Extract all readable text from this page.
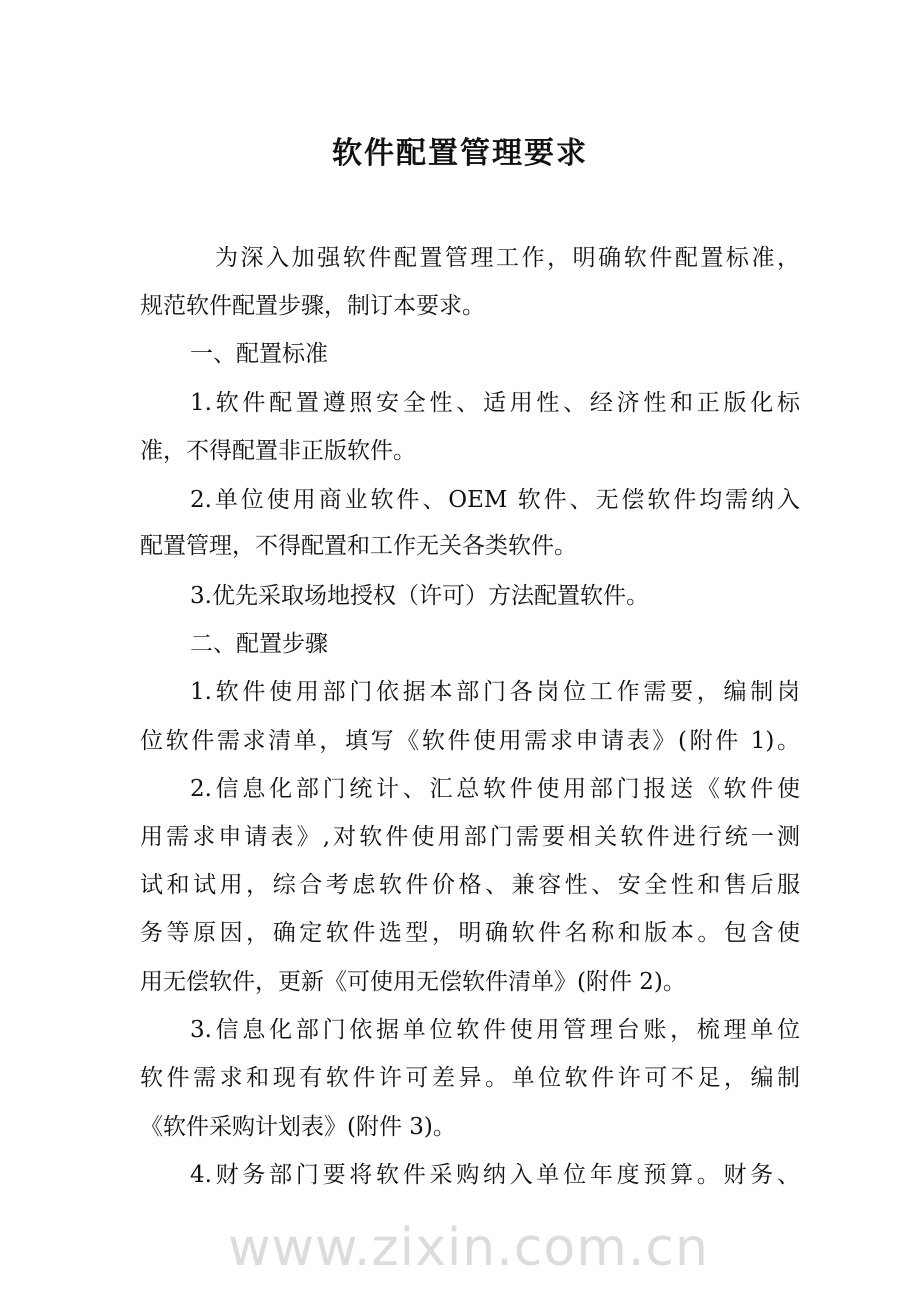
软件配置管理要求
www.zixin.com.cn
为深入加强软件配置管理工作，明确软件配置标准，
规范软件配置步骤，制订本要求。
一、配置标准
1.软件配置遵照安全性、适用性、经济性和正版化标
准，不得配置非正版软件。
2.单位使用商业软件、OEM 软件、无偿软件均需纳入
配置管理，不得配置和工作无关各类软件。
3.优先采取场地授权（许可）方法配置软件。
二、配置步骤
1.软件使用部门依据本部门各岗位工作需要，编制岗
位软件需求清单，填写《软件使用需求申请表》(附件 1)。
2.信息化部门统计、汇总软件使用部门报送《软件使
用需求申请表》,对软件使用部门需要相关软件进行统一测
试和试用，综合考虑软件价格、兼容性、安全性和售后服
务等原因，确定软件选型，明确软件名称和版本。包含使
用无偿软件，更新《可使用无偿软件清单》(附件 2)。
3.信息化部门依据单位软件使用管理台账，梳理单位
软件需求和现有软件许可差异。单位软件许可不足，编制
《软件采购计划表》(附件 3)。
4.财务部门要将软件采购纳入单位年度预算。财务、
